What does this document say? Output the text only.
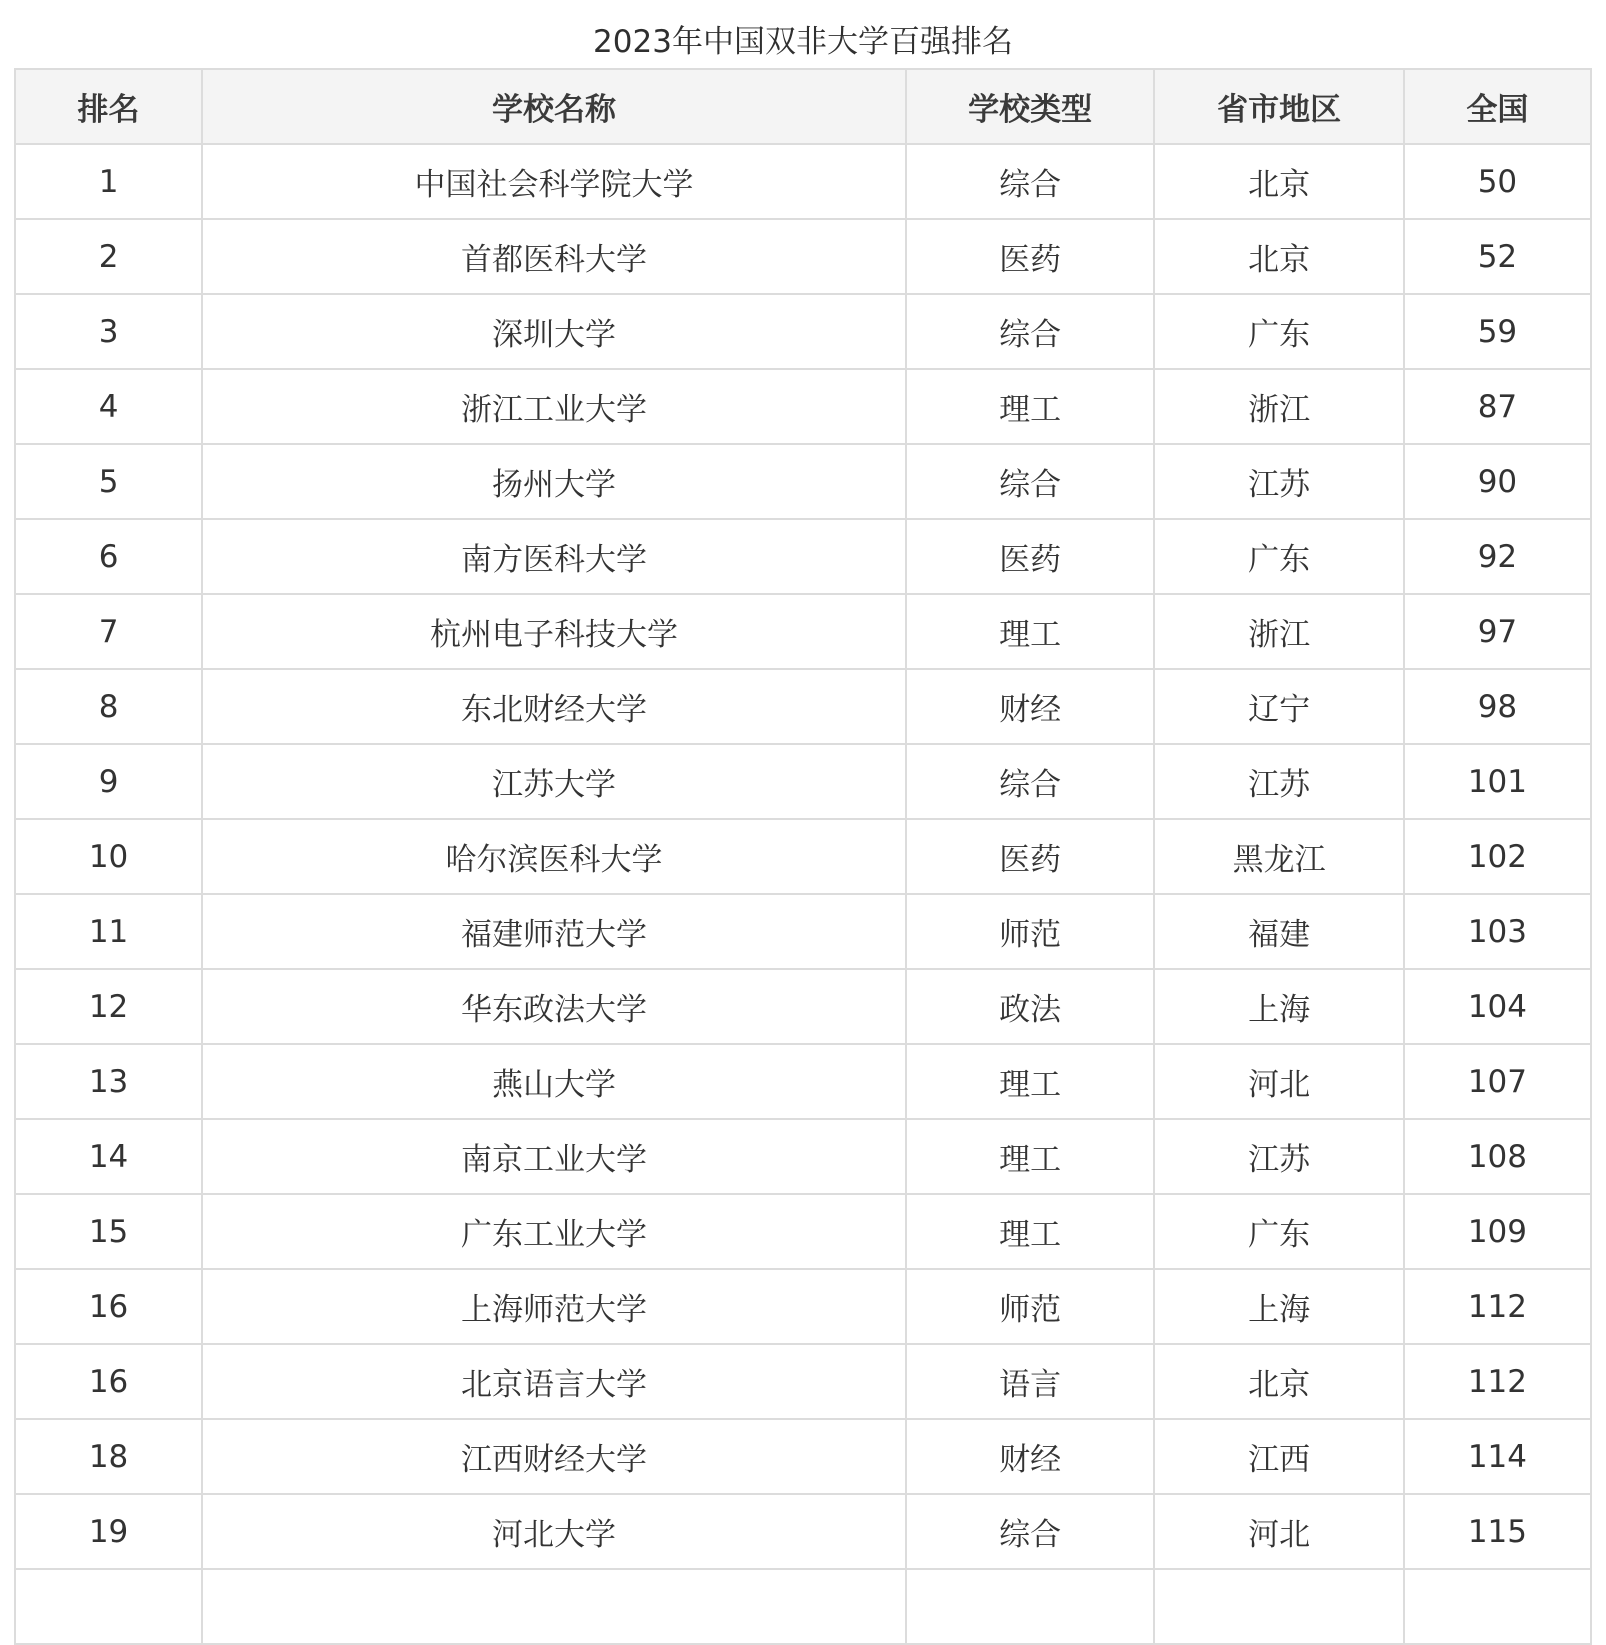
2023年中国双非大学百强排名
排名	学校名称	学校类型	省市地区	全国
1	中国社会科学院大学	综合	北京	50
2	首都医科大学	医药	北京	52
3	深圳大学	综合	广东	59
4	浙江工业大学	理工	浙江	87
5	扬州大学	综合	江苏	90
6	南方医科大学	医药	广东	92
7	杭州电子科技大学	理工	浙江	97
8	东北财经大学	财经	辽宁	98
9	江苏大学	综合	江苏	101
10	哈尔滨医科大学	医药	黑龙江	102
11	福建师范大学	师范	福建	103
12	华东政法大学	政法	上海	104
13	燕山大学	理工	河北	107
14	南京工业大学	理工	江苏	108
15	广东工业大学	理工	广东	109
16	上海师范大学	师范	上海	112
16	北京语言大学	语言	北京	112
18	江西财经大学	财经	江西	114
19	河北大学	综合	河北	115
